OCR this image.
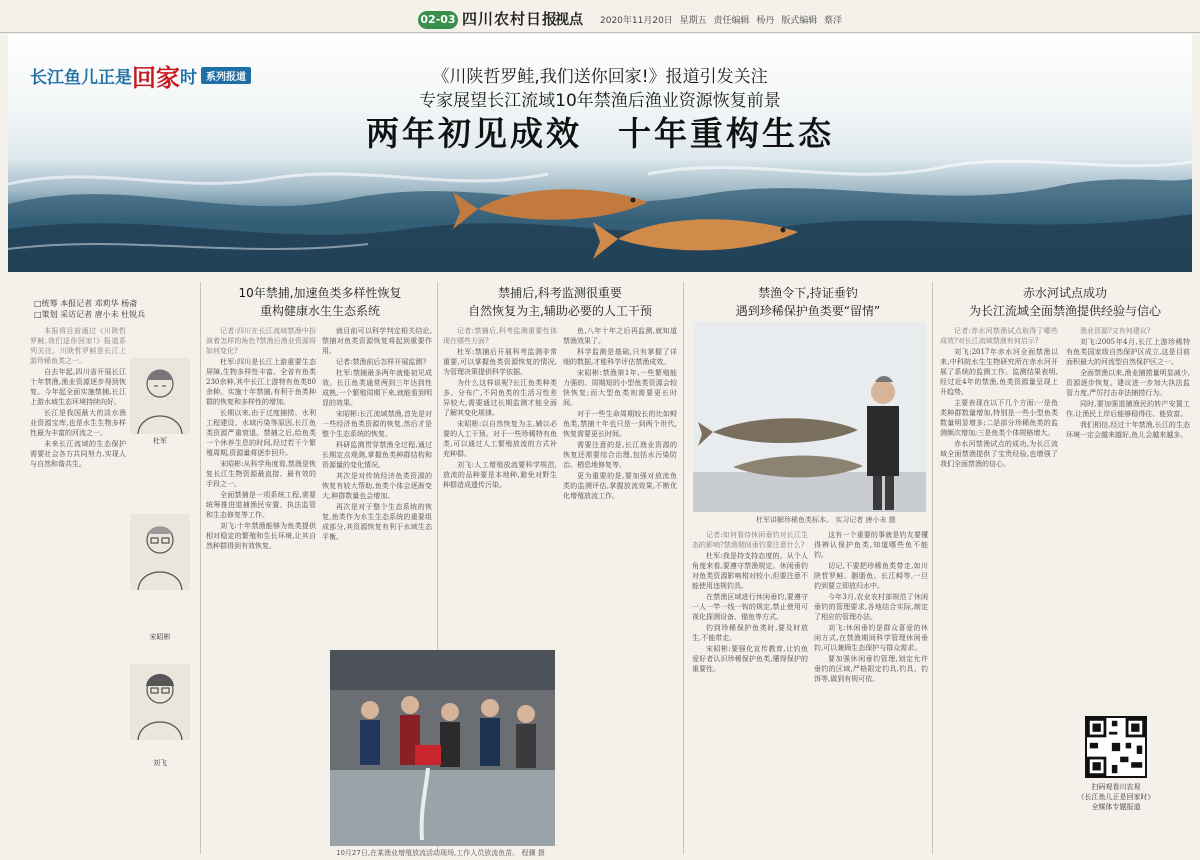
02-03 四川农村日报
视点 2020年11月20日 星期五 责任编辑 杨丹 版式编辑 蔡洋
长江鱼儿正是回家时 系列报道	《川陕哲罗鲑,我们送你回家!》报道引发关注
专家展望长江流域10年禁渔后渔业资源恢复前景
两年初见成效　十年重构生态
□统筹 本报记者 邓莉华 杨斋
□策划 采访记者 唐小未 杜锐兵

本报将目前通过《川陕哲罗鲑,我们送你回家!》报道系列关注。川陕哲罗鲑是长江上游珍稀鱼类之一。

自去年起,四川省开展长江十年禁渔,渔业资源逐步得到恢复。今年起全面实施禁捕,长江上游水域生态环境持续向好。

长江是我国最大的淡水渔业资源宝库,也是水生生物多样性最为丰富的河流之一。

未来长江流域的生态保护需要社会各方共同努力,实现人与自然和谐共生。

杜军
宋昭彬
刘飞
10年禁捕,加速鱼类多样性恢复
重构健康水生生态系统

记者:四川在长江流域禁渔中扮演着怎样的角色?禁渔后渔业资源将如何变化?

杜军:四川是长江上游重要生态屏障,生物多样性丰富。全省有鱼类230余种,其中长江上游特有鱼类80余种。实施十年禁捕,有利于鱼类种群的恢复和多样性的增加。

长期以来,由于过度捕捞、水利工程建设、水域污染等原因,长江鱼类资源严重衰退。禁捕之后,给鱼类一个休养生息的时间,经过若干个繁殖周期,资源量将逐步回升。

宋昭彬:从科学角度看,禁渔是恢复长江生物资源最直接、最有效的手段之一。

全面禁捕是一项系统工程,需要统筹推进退捕渔民安置、执法监管和生态修复等工作。

刘飞:十年禁渔能够为鱼类提供相对稳定的繁殖和生长环境,让其自然种群得到有效恢复。

就目前可以科学判定相关结论,禁捕对鱼类资源恢复将起到重要作用。

记者:禁渔前后怎样开展监测?

杜军:禁捕最多两年就能初见成效。长江鱼类通常两到三年达到性成熟,一个繁殖周期下来,就能看到明显的效果。

宋昭彬:长江流域禁渔,首先是对一些经济鱼类资源的恢复,然后才是整个生态系统的恢复。

科研监测贯穿禁渔全过程,通过长期定点观测,掌握鱼类种群结构和资源量的变化情况。

其次是对传统经济鱼类资源的恢复有较大帮助,鱼类个体会逐渐变大,种群数量也会增加。

再次是对于整个生态系统的恢复,鱼类作为水生生态系统的重要组成部分,其资源恢复有利于水域生态平衡。

禁捕后,科考监测很重要
自然恢复为主,辅助必要的人工干预

记者:禁捕后,科考监测重要性体现在哪些方面?

杜军:禁捕后开展科考监测非常重要,可以掌握鱼类资源恢复的情况,为管理决策提供科学依据。

为什么这样说呢?长江鱼类种类多、分布广,不同鱼类的生活习性差异较大,需要通过长期监测才能全面了解其变化规律。

宋昭彬:以自然恢复为主,辅以必要的人工干预。对于一些珍稀特有鱼类,可以通过人工繁殖放流的方式补充种群。

刘飞:人工增殖放流要科学规范,放流的品种要是本地种,避免对野生种群造成遗传污染。

鱼,八年十年之后再监测,就知道禁渔效果了。

科学监测是基础,只有掌握了详细的数据,才能科学评估禁渔成效。

宋昭彬:禁渔第1年,一些繁殖能力强的、周期短的小型鱼类资源会较快恢复;而大型鱼类则需要更长时间。

对于一些生命周期较长的比如鲟鱼类,禁捕十年也只是一到两个世代,恢复需要更长时间。

需要注意的是,长江渔业资源的恢复还需要综合治理,包括水污染防治、栖息地修复等。

更为重要的是,要加强对放流鱼类的监测评估,掌握放流效果,不断优化增殖放流工作。

10月27日,在某渔业增殖放流活动现场,工作人员放流鱼苗。 程骥 摄
禁渔令下,持证垂钓
遇到珍稀保护鱼类要“留情”
杜军讲解珍稀鱼类标本。 实习记者 唐小未 摄

记者:如何看待休闲垂钓对长江生态的影响?禁渔期间垂钓要注意什么?

杜军:我是持支持态度的。从个人角度来看,要遵守禁渔规定。休闲垂钓对鱼类资源影响相对较小,但要注意不能使用违规钓具。

在禁渔区域进行休闲垂钓,要遵守一人一竿一线一钩的规定,禁止使用可视化探测设备、锚鱼等方式。

钓到珍稀保护鱼类时,要及时放生,不能带走。

宋昭彬:要强化宣传教育,让钓鱼爱好者认识珍稀保护鱼类,懂得保护的重要性。

这有一个重要的事就是钓友要懂得辨认保护鱼类,知道哪些鱼不能钓。

切记,不要把珍稀鱼类带走,如川陕哲罗鲑、胭脂鱼、长江鲟等,一旦钓到要立即放归水中。

今年3月,农业农村部规范了休闲垂钓的管理要求,各地结合实际,制定了相应的管理办法。

刘飞:休闲垂钓是群众喜爱的休闲方式,在禁渔期间科学管理休闲垂钓,可以兼顾生态保护与群众需求。

要加强休闲垂钓管理,划定允许垂钓的区域,严格限定钓具,钓具、钓饵等,做到有规可依。

赤水河试点成功
为长江流域全面禁渔提供经验与信心

记者:赤水河禁渔试点取得了哪些成效?对长江流域禁渔有何启示?

刘飞:2017年赤水河全面禁渔以来,中科院水生生物研究所在赤水河开展了系统的监测工作。监测结果表明,经过近4年的禁渔,鱼类资源量呈现上升趋势。

主要表现在以下几个方面:一是鱼类种群数量增加,特别是一些小型鱼类数量明显增多;二是部分珍稀鱼类的监测频次增加;三是鱼类个体规格增大。

赤水河禁渔试点的成功,为长江流域全面禁渔提供了宝贵经验,也增强了我们全面禁渔的信心。

渔业资源?又有何建议?

刘飞:2005年4月,长江上游珍稀特有鱼类国家级自然保护区成立,这是目前面积最大的河流型自然保护区之一。

全面禁渔以来,渔业捕捞量明显减少,资源逐步恢复。建议进一步加大执法监管力度,严厉打击非法捕捞行为。

同时,要加强退捕渔民的转产安置工作,让渔民上岸后能够稳得住、能致富。

我们相信,经过十年禁渔,长江的生态环境一定会越来越好,鱼儿会越来越多。

扫码观看川农视
《长江鱼儿正是回家时》
全媒体专题报道
